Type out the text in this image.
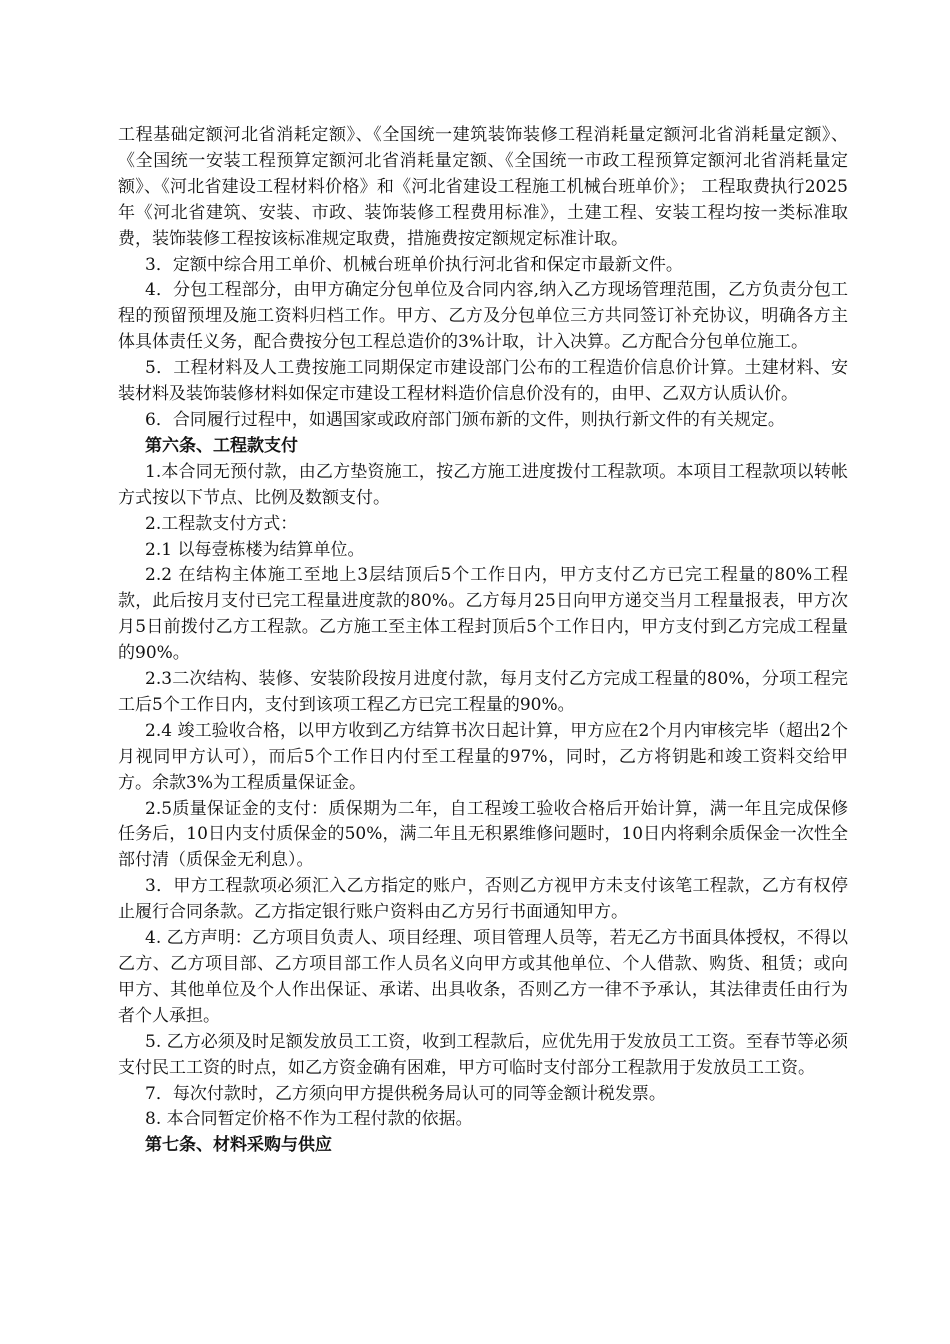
工程基础定额河北省消耗定额》、《全国统一建筑装饰装修工程消耗量定额河北省消耗量定额》、《全国统一安装工程预算定额河北省消耗量定额、《全国统一市政工程预算定额河北省消耗量定额》、《河北省建设工程材料价格》和《河北省建设工程施工机械台班单价》； 工程取费执行2025年《河北省建筑、安装、市政、装饰装修工程费用标准》，土建工程、安装工程均按一类标准取费，装饰装修工程按该标准规定取费，措施费按定额规定标准计取。

3．定额中综合用工单价、机械台班单价执行河北省和保定市最新文件。

4．分包工程部分，由甲方确定分包单位及合同内容,纳入乙方现场管理范围，乙方负责分包工程的预留预埋及施工资料归档工作。甲方、乙方及分包单位三方共同签订补充协议，明确各方主体具体责任义务，配合费按分包工程总造价的3%计取，计入决算。乙方配合分包单位施工。

5．工程材料及人工费按施工同期保定市建设部门公布的工程造价信息价计算。土建材料、安装材料及装饰装修材料如保定市建设工程材料造价信息价没有的，由甲、乙双方认质认价。

6．合同履行过程中，如遇国家或政府部门颁布新的文件，则执行新文件的有关规定。

第六条、工程款支付

1.本合同无预付款，由乙方垫资施工，按乙方施工进度拨付工程款项。本项目工程款项以转帐方式按以下节点、比例及数额支付。

2.工程款支付方式：

2.1 以每壹栋楼为结算单位。

2.2 在结构主体施工至地上3层结顶后5个工作日内，甲方支付乙方已完工程量的80%工程款，此后按月支付已完工程量进度款的80%。乙方每月25日向甲方递交当月工程量报表，甲方次月5日前拨付乙方工程款。乙方施工至主体工程封顶后5个工作日内，甲方支付到乙方完成工程量的90%。

2.3二次结构、装修、安装阶段按月进度付款，每月支付乙方完成工程量的80%，分项工程完工后5个工作日内，支付到该项工程乙方已完工程量的90%。

2.4 竣工验收合格，以甲方收到乙方结算书次日起计算，甲方应在2个月内审核完毕（超出2个月视同甲方认可），而后5个工作日内付至工程量的97%，同时，乙方将钥匙和竣工资料交给甲方。余款3%为工程质量保证金。

2.5质量保证金的支付：质保期为二年，自工程竣工验收合格后开始计算，满一年且完成保修任务后，10日内支付质保金的50%，满二年且无积累维修问题时，10日内将剩余质保金一次性全部付清（质保金无利息）。

3．甲方工程款项必须汇入乙方指定的账户，否则乙方视甲方未支付该笔工程款，乙方有权停止履行合同条款。乙方指定银行账户资料由乙方另行书面通知甲方。

4. 乙方声明：乙方项目负责人、项目经理、项目管理人员等，若无乙方书面具体授权，不得以乙方、乙方项目部、乙方项目部工作人员名义向甲方或其他单位、个人借款、购货、租赁；或向甲方、其他单位及个人作出保证、承诺、出具收条，否则乙方一律不予承认，其法律责任由行为者个人承担。

5. 乙方必须及时足额发放员工工资，收到工程款后，应优先用于发放员工工资。至春节等必须支付民工工资的时点，如乙方资金确有困难，甲方可临时支付部分工程款用于发放员工工资。

7．每次付款时，乙方须向甲方提供税务局认可的同等金额计税发票。

8. 本合同暂定价格不作为工程付款的依据。

第七条、材料采购与供应
